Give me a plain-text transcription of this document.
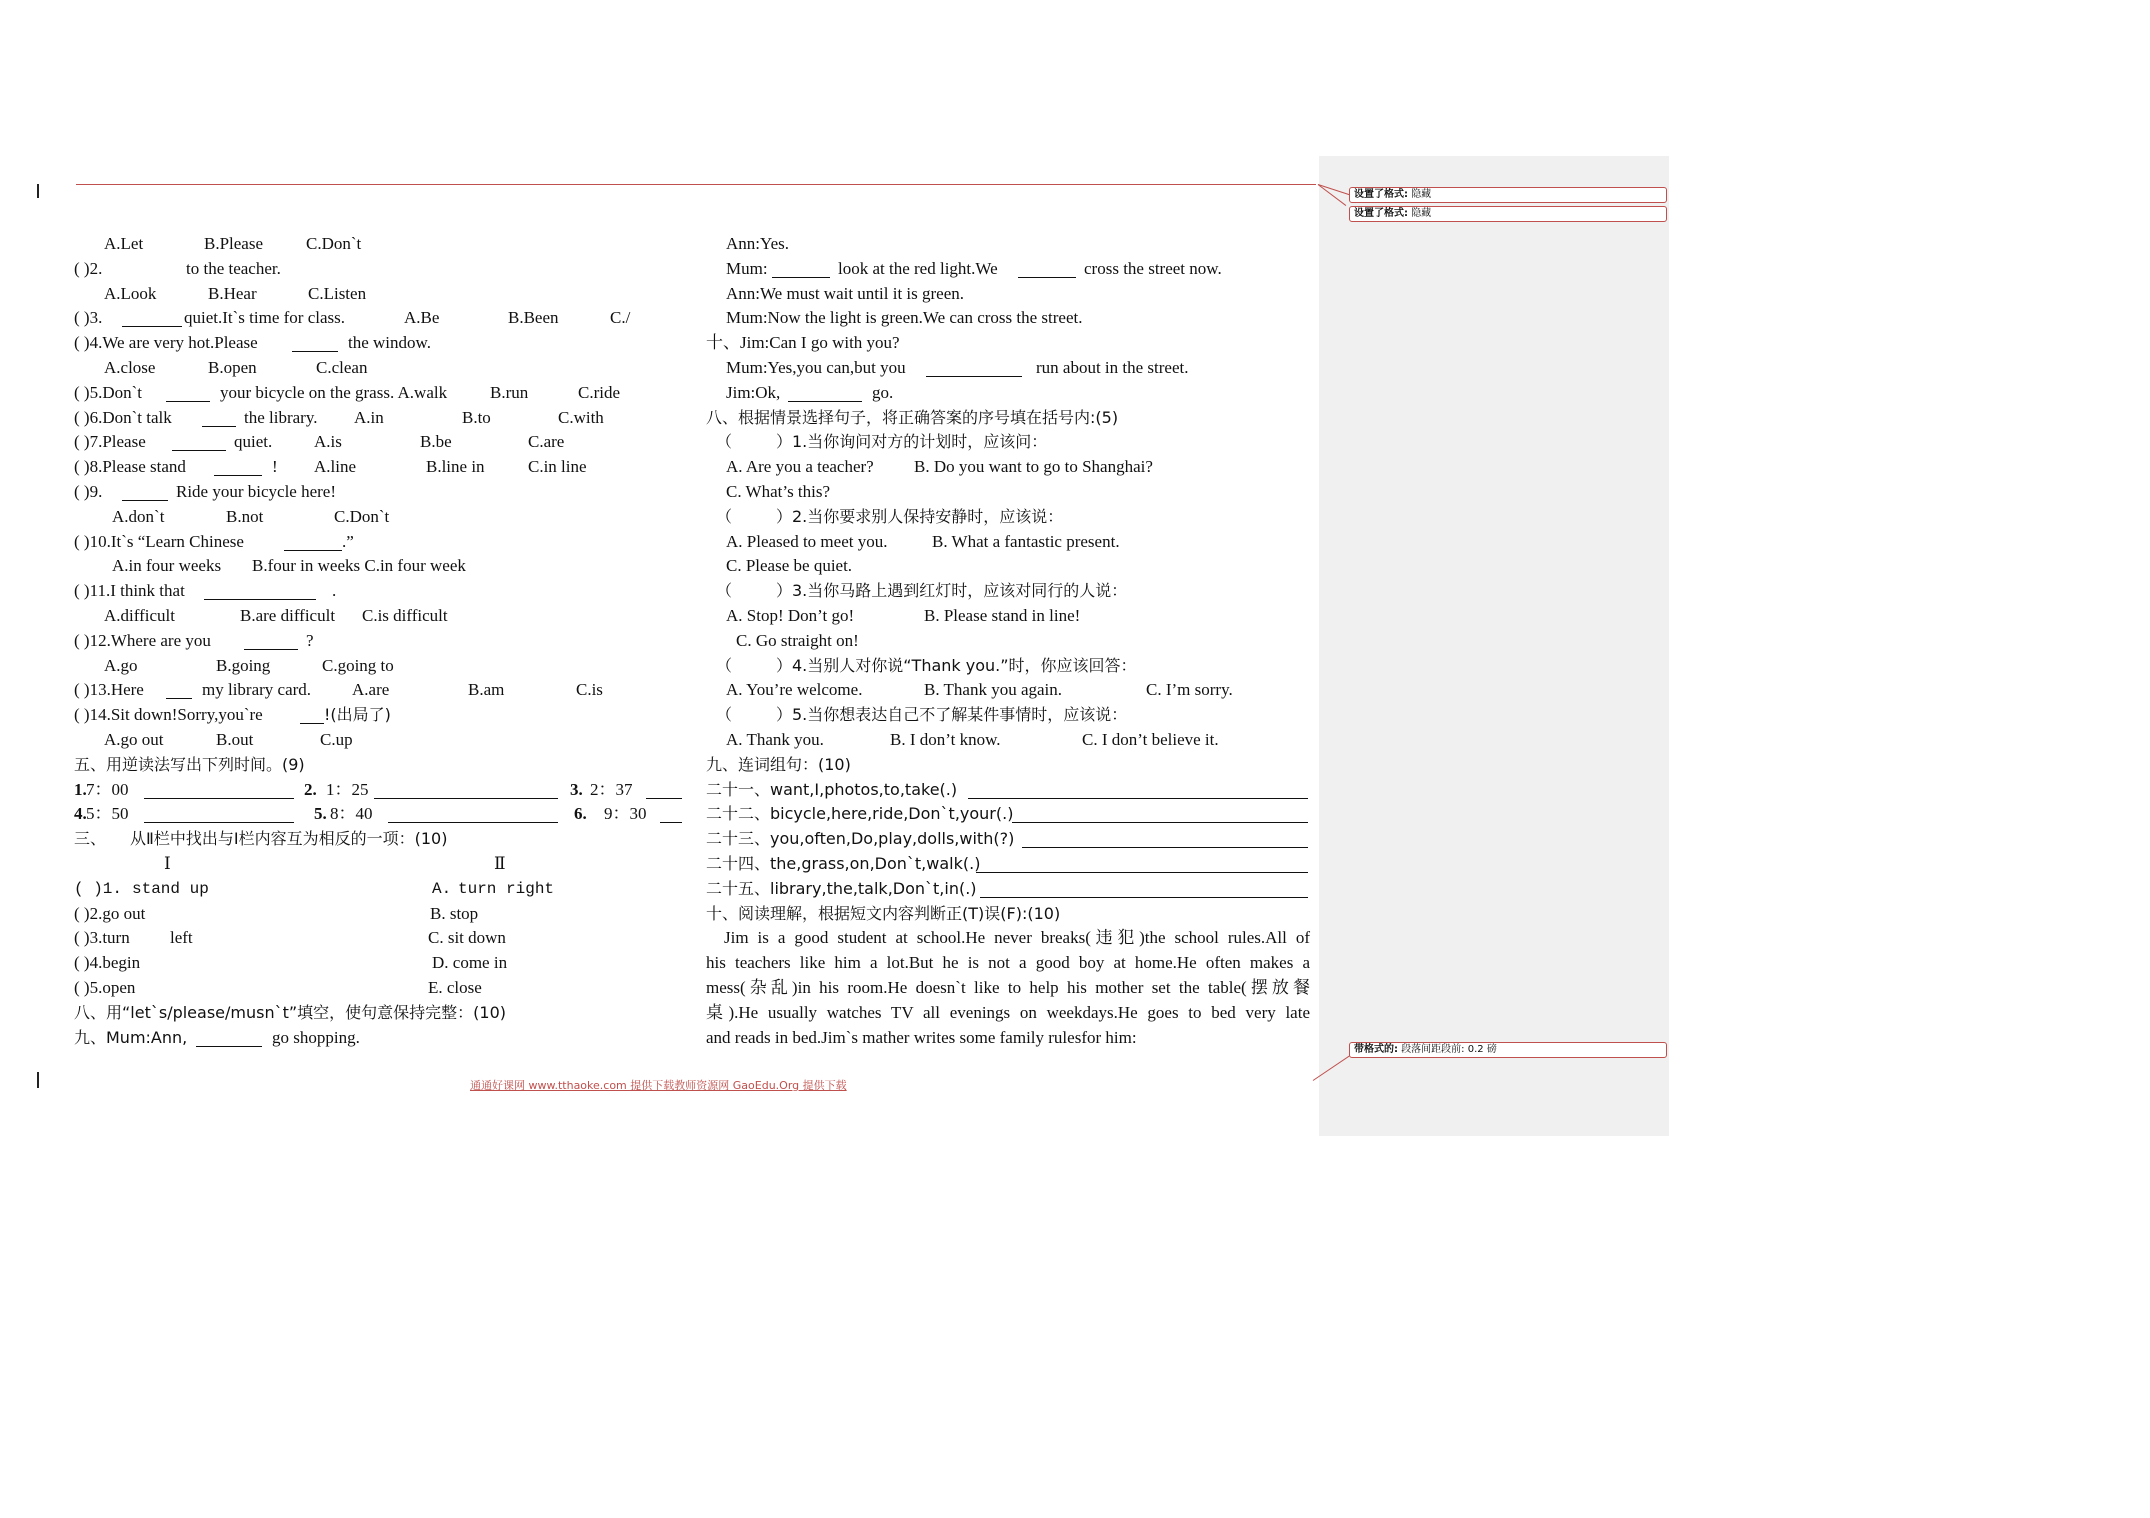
设置了格式: 隐藏
设置了格式: 隐藏
带格式的: 段落间距段前: 0.2 磅
A.Let	B.Please	C.Don`t
( )2.	to the teacher.
A.Look	B.Hear	C.Listen
( )3.	quiet.It`s time for class.	A.Be	B.Been	C./
( )4.We are very hot.Please	the window.
A.close	B.open	C.clean
( )5.Don`t	your bicycle on the grass. A.walk	B.run	C.ride
( )6.Don`t talk	the library. A.in	B.to	C.with
( )7.Please	quiet. A.is	B.be	C.are
( )8.Please stand	! A.line	B.line in	C.in line
( )9.	Ride your bicycle here!
A.don`t	B.not	C.Don`t
( )10.It`s “Learn Chinese	.”
A.in four weeks B.four in weeks C.in four week
( )11.I think that	.
A.difficult	B.are difficult C.is difficult
( )12.Where are you	?
A.go	B.going	C.going to
( )13.Here	my library card. A.are	B.am	C.is
( )14.Sit down!Sorry,you`re	!(出局了)
A.go out	B.out	C.up
五、用逆读法写出下列时间。(9)
1. 7：00	2. 1：25	3. 2：37
4. 5：50	5. 8：40	6. 9：30
三、 从Ⅱ栏中找出与Ⅰ栏内容互为相反的一项：(10)
Ⅰ	Ⅱ
( )1. stand up	A. turn right
( )2.go out	B. stop
( )3.turn left	C. sit down
( )4.begin	D. come in
( )5.open	E. close
八、用“let`s/please/musn`t”填空，使句意保持完整：(10)
九、Mum:Ann,	go shopping.
Ann:Yes.
Mum:	look at the red light.We	cross the street now.
Ann:We must wait until it is green.
Mum:Now the light is green.We can cross the street.
十、Jim:Can I go with you?
Mum:Yes,you can,but you	run about in the street.
Jim:Ok,	go.
八、根据情景选择句子，将正确答案的序号填在括号内:(5)
（	）1.当你询问对方的计划时，应该问：
A. Are you a teacher? B. Do you want to go to Shanghai?
C. What’s this?
（	）2.当你要求别人保持安静时，应该说：
A. Pleased to meet you.	B. What a fantastic present.
C. Please be quiet.
（	）3.当你马路上遇到红灯时，应该对同行的人说：
A. Stop! Don’t go!	B. Please stand in line!
C. Go straight on!
（	）4.当别人对你说“Thank you.”时，你应该回答：
A. You’re welcome.	B. Thank you again.	C. I’m sorry.
（	）5.当你想表达自己不了解某件事情时，应该说：
A. Thank you.	B. I don’t know.	C. I don’t believe it.
九、连词组句：(10)
二十一、want,I,photos,to,take(.)
二十二、bicycle,here,ride,Don`t,your(.)
二十三、you,often,Do,play,dolls,with(?)
二十四、the,grass,on,Don`t,walk(.)
二十五、library,the,talk,Don`t,in(.)
十、阅读理解，根据短文内容判断正(T)误(F):(10)
Jim is a good student at school.He never breaks(违犯)the school rules.All of
his teachers like him a lot.But he is not a good boy at home.He often makes a
mess(杂乱)in his room.He doesn`t like to help his mother set the table(摆放餐
桌).He usually watches TV all evenings on weekdays.He goes to bed very late
and reads in bed.Jim`s mather writes some family rulesfor him:
通通好课网 www.tthaoke.com 提供下载教师资源网 GaoEdu.Org 提供下载
